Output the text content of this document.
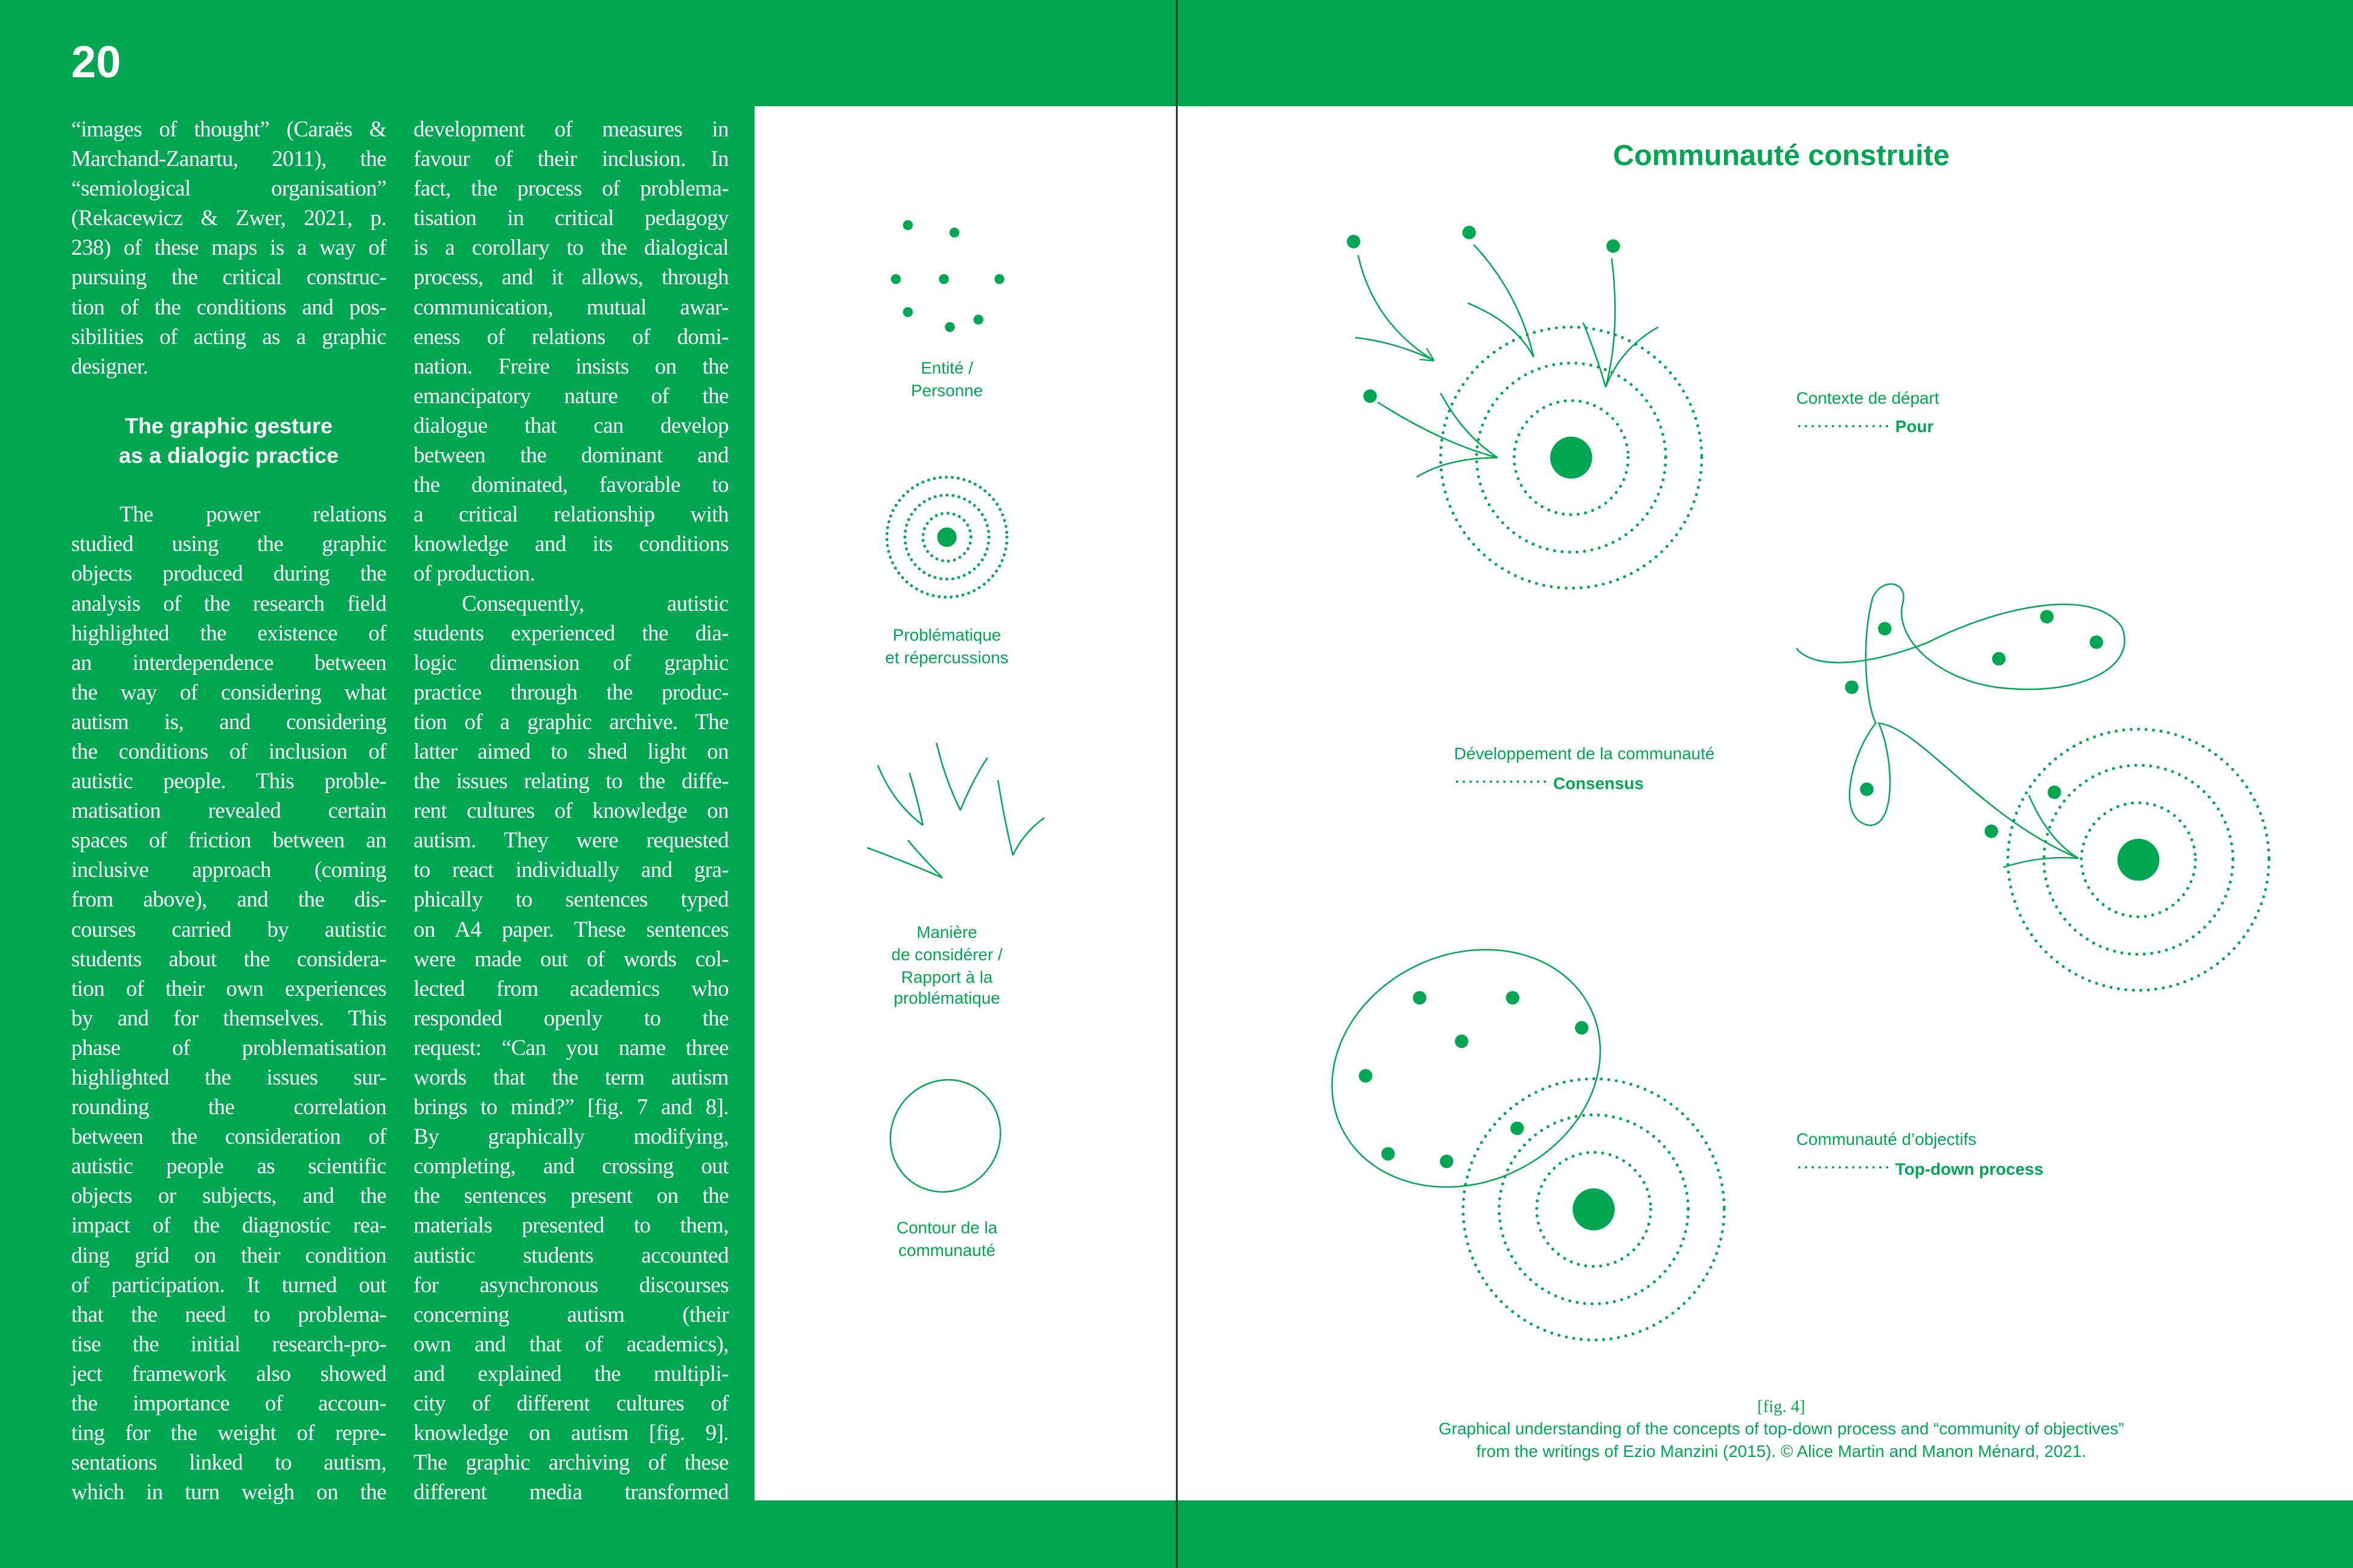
20
“images of thought” (Caraës &
Marchand-Zanartu, 2011), the
“semiological organisation”
(Rekacewicz & Zwer, 2021, p.
238) of these maps is a way of
pursuing the critical construc-
tion of the conditions and pos-
sibilities of acting as a graphic
designer.
The graphic gesture
as a dialogic practice
The power relations
studied using the graphic
objects produced during the
analysis of the research field
highlighted the existence of
an interdependence between
the way of considering what
autism is, and considering
the conditions of inclusion of
autistic people. This proble-
matisation revealed certain
spaces of friction between an
inclusive approach (coming
from above), and the dis-
courses carried by autistic
students about the considera-
tion of their own experiences
by and for themselves. This
phase of problematisation
highlighted the issues sur-
rounding the correlation
between the consideration of
autistic people as scientific
objects or subjects, and the
impact of the diagnostic rea-
ding grid on their condition
of participation. It turned out
that the need to problema-
tise the initial research-pro-
ject framework also showed
the importance of accoun-
ting for the weight of repre-
sentations linked to autism,
which in turn weigh on the
development of measures in
favour of their inclusion. In
fact, the process of problema-
tisation in critical pedagogy
is a corollary to the dialogical
process, and it allows, through
communication, mutual awar-
eness of relations of domi-
nation. Freire insists on the
emancipatory nature of the
dialogue that can develop
between the dominant and
the dominated, favorable to
a critical relationship with
knowledge and its conditions
of production.
Consequently, autistic
students experienced the dia-
logic dimension of graphic
practice through the produc-
tion of a graphic archive. The
latter aimed to shed light on
the issues relating to the diffe-
rent cultures of knowledge on
autism. They were requested
to react individually and gra-
phically to sentences typed
on A4 paper. These sentences
were made out of words col-
lected from academics who
responded openly to the
request: “Can you name three
words that the term autism
brings to mind?” [fig. 7 and 8].
By graphically modifying,
completing, and crossing out
the sentences present on the
materials presented to them,
autistic students accounted
for asynchronous discourses
concerning autism (their
own and that of academics),
and explained the multipli-
city of different cultures of
knowledge on autism [fig. 9].
The graphic archiving of these
different media transformed
Communauté construite
Entité / Personne
Problématique et répercussions
Manière de considérer / Rapport à la problématique
Contour de la communauté
Contexte de départ
Pour
Développement de la communauté
Consensus
Communauté d’objectifs
Top-down process
[fig. 4]
Graphical understanding of the concepts of top-down process and “community of objectives”
from the writings of Ezio Manzini (2015). © Alice Martin and Manon Ménard, 2021.
